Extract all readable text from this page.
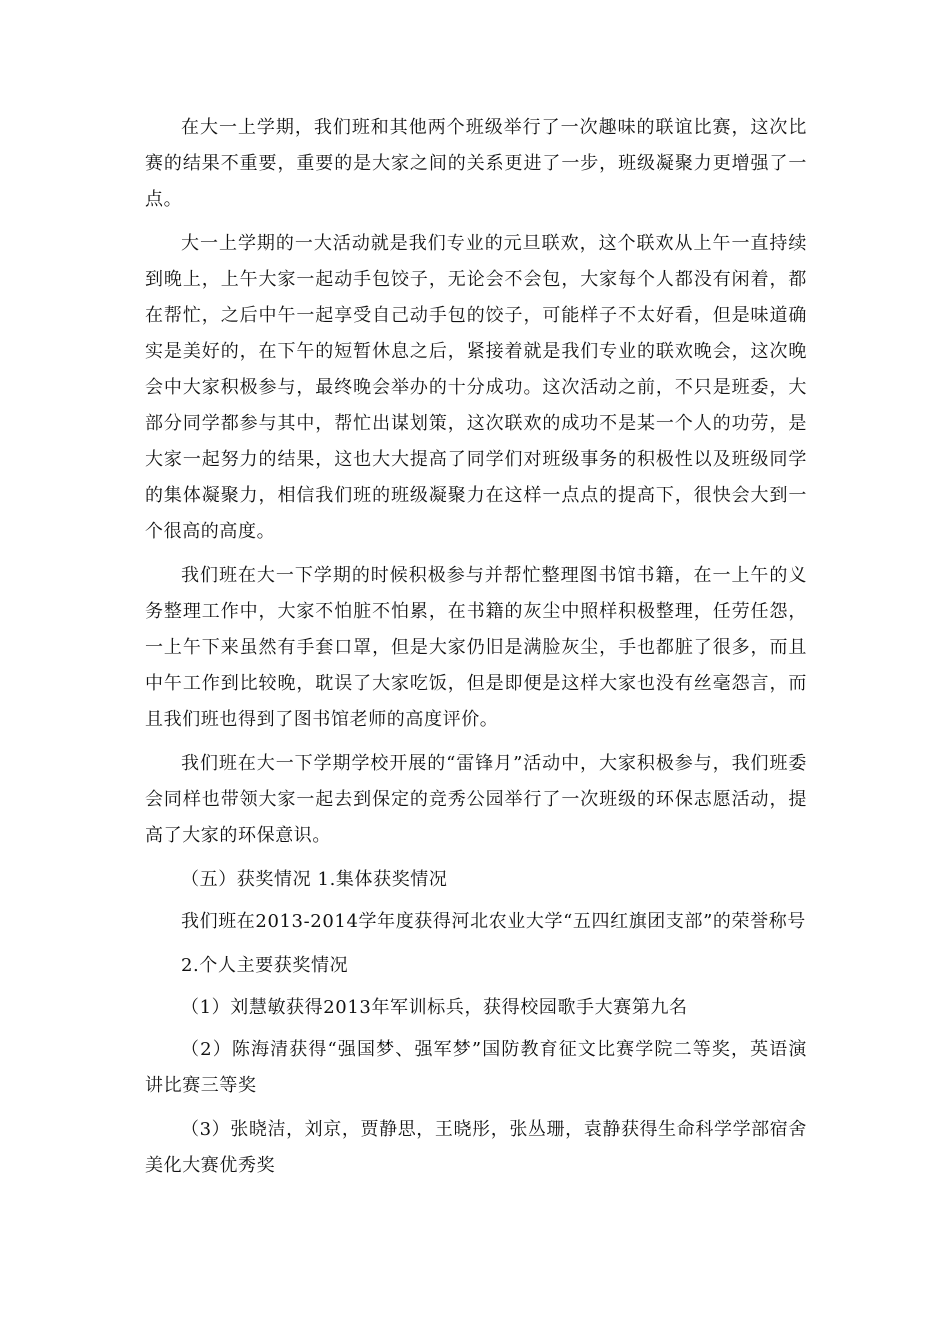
在大一上学期，我们班和其他两个班级举行了一次趣味的联谊比赛，这次比赛的结果不重要，重要的是大家之间的关系更进了一步，班级凝聚力更增强了一点。

大一上学期的一大活动就是我们专业的元旦联欢，这个联欢从上午一直持续到晚上，上午大家一起动手包饺子，无论会不会包，大家每个人都没有闲着，都在帮忙，之后中午一起享受自己动手包的饺子，可能样子不太好看，但是味道确实是美好的，在下午的短暂休息之后，紧接着就是我们专业的联欢晚会，这次晚会中大家积极参与，最终晚会举办的十分成功。这次活动之前，不只是班委，大部分同学都参与其中，帮忙出谋划策，这次联欢的成功不是某一个人的功劳，是大家一起努力的结果，这也大大提高了同学们对班级事务的积极性以及班级同学的集体凝聚力，相信我们班的班级凝聚力在这样一点点的提高下，很快会大到一个很高的高度。

我们班在大一下学期的时候积极参与并帮忙整理图书馆书籍，在一上午的义务整理工作中，大家不怕脏不怕累，在书籍的灰尘中照样积极整理，任劳任怨，一上午下来虽然有手套口罩，但是大家仍旧是满脸灰尘，手也都脏了很多，而且中午工作到比较晚，耽误了大家吃饭，但是即便是这样大家也没有丝毫怨言，而且我们班也得到了图书馆老师的高度评价。

我们班在大一下学期学校开展的“雷锋月”活动中，大家积极参与，我们班委会同样也带领大家一起去到保定的竞秀公园举行了一次班级的环保志愿活动，提高了大家的环保意识。

（五）获奖情况 1.集体获奖情况

我们班在2013-2014学年度获得河北农业大学“五四红旗团支部”的荣誉称号

2.个人主要获奖情况

（1）刘慧敏获得2013年军训标兵，获得校园歌手大赛第九名

（2）陈海清获得“强国梦、强军梦”国防教育征文比赛学院二等奖，英语演讲比赛三等奖

（3）张晓洁，刘京，贾静思，王晓彤，张丛珊，袁静获得生命科学学部宿舍美化大赛优秀奖
